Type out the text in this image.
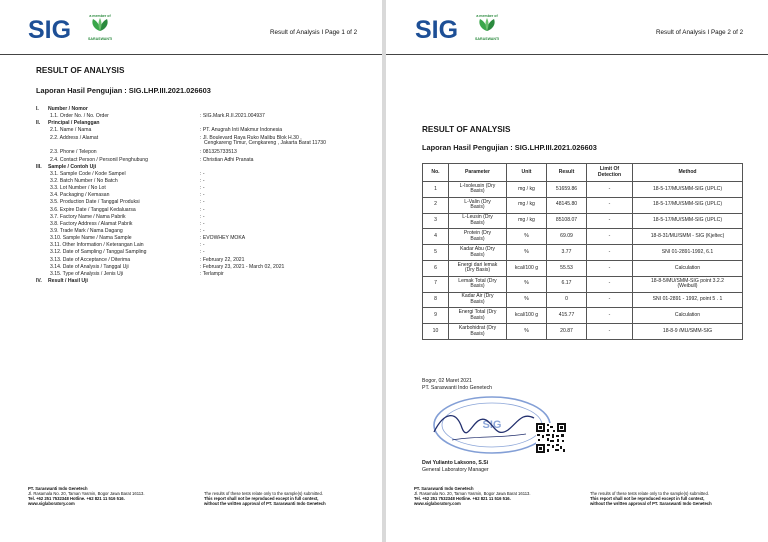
SIG	a member of
SARASWANTI
Result of Analysis I Page 1 of 2
RESULT OF ANALYSIS
Laporan Hasil Pengujian : SIG.LHP.III.2021.026603
I. Number / Nomor
1.1. Order No. / No. Order	: SIG.Mark.R.II.2021.004937
II. Principal / Pelanggan
2.1. Name / Nama	: PT. Anugrah Inti Makmur Indonesia
2.2. Address / Alamat	: Jl. Boulevard Raya Ruko Malibu Blok H.30 ,
Cengkareng Timur, Cengkareng , Jakarta Barat 11730
2.3. Phone / Telepon	: 081325733513
2.4. Contact Person / Personil Penghubung	: Christian Adhi Pranata
III. Sample / Contoh Uji
3.1. Sample Code / Kode Sampel	: -
3.2. Batch Number / No Batch	: -
3.3. Lot Number / No Lot	: -
3.4. Packaging / Kemasan	: -
3.5. Production Date / Tanggal Produksi	: -
3.6. Expire Date / Tanggal Kedaluarsa	: -
3.7. Factory Name / Nama Pabrik	: -
3.8. Factory Address / Alamat Pabrik	: -
3.9. Trade Mark / Nama Dagang	: -
3.10. Sample Name / Nama Sample	: EVOWHEY MOKA
3.11. Other Information / Keterangan Lain	: -
3.12. Date of Sampling / Tanggal Sampling	: -
3.13. Date of Acceptance / Diterima	: February 22, 2021
3.14. Date of Analysis / Tanggal Uji	: February 23, 2021 - March 02, 2021
3.15. Type of Analysis / Jenis Uji	: Terlampir
IV. Result / Hasil Uji
PT. Saraswanti Indo Genetech
Jl. Rasamala No. 20, Taman Yasmin, Bogor Jawa Barat 16113.
Tel. +62 251 7532348 Hotline. +62 821 11 516 516.
www.siglaboratory.com
The results of these tests relate only to the sample(s) submitted.
This report shall not be reproduced except in full context,
without the written approval of PT. Saraswanti Indo Genetech
SIG	a member of
SARASWANTI
Result of Analysis I Page 2 of 2
RESULT OF ANALYSIS
Laporan Hasil Pengujian : SIG.LHP.III.2021.026603
No.	Parameter	Unit	Result	Limit Of Detection	Method
1	L-Isoleusin (Dry
Basis)	mg / kg	51659.86	-	18-5-17/MU/SMM-SIG (UPLC)
2	L-Valin (Dry
Basis)	mg / kg	48145.80	-	18-5-17/MU/SMM-SIG (UPLC)
3	L-Leusin (Dry
Basis)	mg / kg	85108.07	-	18-5-17/MU/SMM-SIG (UPLC)
4	Protein (Dry
Basis)	%	69.09	-	18-8-31/MU/SMM - SIG (Kjeltec)
5	Kadar Abu (Dry
Basis)	%	3.77	-	SNI 01-2891-1992, 6.1
6	Energi dari lemak
(Dry Basis)	kcal/100 g	55.53	-	Calculation
7	Lemak Total (Dry
Basis)	%	6.17	-	18-8-5/MU/SMM-SIG point 3.2.2
(Weibull)
8	Kadar Air (Dry
Basis)	%	0	-	SNI 01-2891 - 1992, point 5 . 1
9	Energi Total (Dry
Basis)	kcal/100 g	415.77	-	Calculation
10	Karbohidrat (Dry
Basis)	%	20.87	-	18-8-9 /MU/SMM-SIG
Bogor, 02 Maret 2021
PT. Saraswanti Indo Genetech
SIG
Dwi Yulianto Laksono, S.Si
General Laboratory Manager
PT. Saraswanti Indo Genetech
Jl. Rasamala No. 20, Taman Yasmin, Bogor Jawa Barat 16113.
Tel. +62 251 7532348 Hotline. +62 821 11 516 516.
www.siglaboratory.com
The results of these tests relate only to the sample(s) submitted.
This report shall not be reproduced except in full context,
without the written approval of PT. Saraswanti Indo Genetech
